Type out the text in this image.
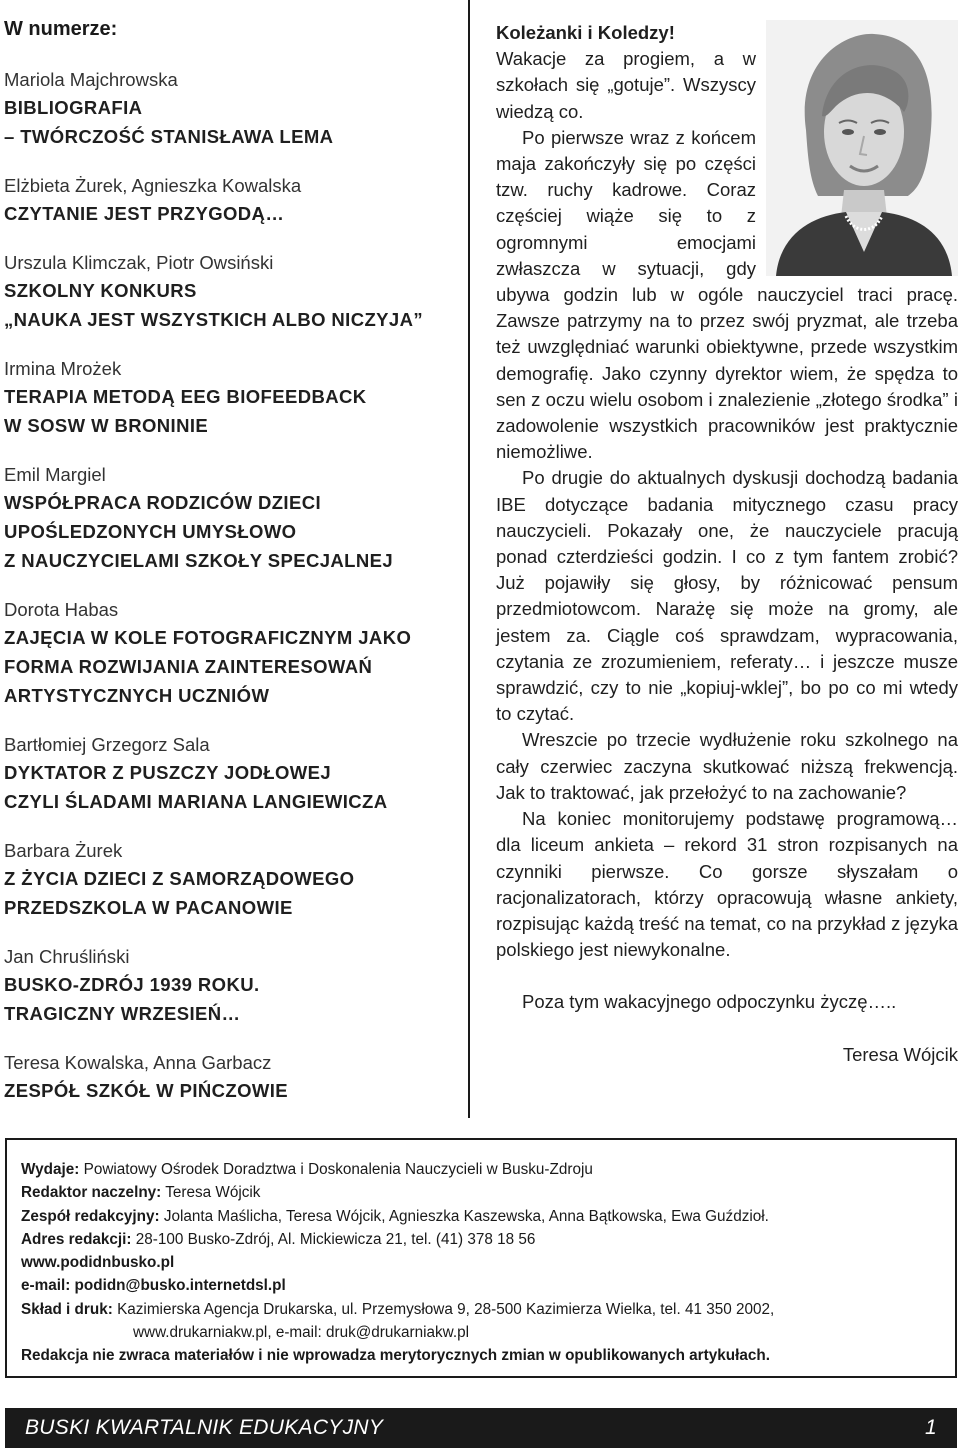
W numerze:
Mariola Majchrowska
BIBLIOGRAFIA
– TWÓRCZOŚĆ STANISŁAWA LEMA
Elżbieta Żurek, Agnieszka Kowalska
CZYTANIE JEST PRZYGODĄ…
Urszula Klimczak, Piotr Owsiński
SZKOLNY KONKURS
„NAUKA JEST WSZYSTKICH ALBO NICZYJA”
Irmina Mrożek
TERAPIA METODĄ EEG BIOFEEDBACK
W SOSW W BRONINIE
Emil Margiel
WSPÓŁPRACA RODZICÓW DZIECI
UPOŚLEDZONYCH UMYSŁOWO
Z NAUCZYCIELAMI SZKOŁY SPECJALNEJ
Dorota Habas
ZAJĘCIA W KOLE FOTOGRAFICZNYM JAKO
FORMA ROZWIJANIA ZAINTERESOWAŃ
ARTYSTYCZNYCH UCZNIÓW
Bartłomiej Grzegorz Sala
DYKTATOR Z PUSZCZY JODŁOWEJ
CZYLI ŚLADAMI MARIANA LANGIEWICZA
Barbara Żurek
Z ŻYCIA DZIECI Z SAMORZĄDOWEGO
PRZEDSZKOLA W PACANOWIE
Jan Chruśliński
BUSKO-ZDRÓJ 1939 ROKU.
TRAGICZNY WRZESIEŃ…
Teresa Kowalska, Anna Garbacz
ZESPÓŁ SZKÓŁ W PIŃCZOWIE
Koleżanki i Koledzy!

Wakacje za progiem, a w szkołach się „gotuje”. Wszyscy wiedzą co.

Po pierwsze wraz z końcem maja zakończyły się po części tzw. ruchy kadrowe. Coraz częściej wiąże się to z ogromnymi emocjami zwłaszcza w sytuacji, gdy ubywa godzin lub w ogóle nauczyciel traci pracę. Zawsze patrzymy na to przez swój pryzmat, ale trzeba też uwzględniać warunki obiektywne, przede wszystkim demografię. Jako czynny dyrektor wiem, że spędza to sen z oczu wielu osobom i znalezienie „złotego środka” i zadowolenie wszystkich pracowników jest praktycznie niemożliwe.

Po drugie do aktualnych dyskusji dochodzą badania IBE dotyczące badania mitycznego czasu pracy nauczycieli. Pokazały one, że nauczyciele pracują ponad czterdzieści godzin. I co z tym fantem zrobić? Już pojawiły się głosy, by różnicować pensum przedmiotowcom. Narażę się może na gromy, ale jestem za. Ciągle coś sprawdzam, wypracowania, czytania ze zrozumieniem, referaty… i jeszcze musze sprawdzić, czy to nie „kopiuj-wklej”, bo po co mi wtedy to czytać.

Wreszcie po trzecie wydłużenie roku szkolnego na cały czerwiec zaczyna skutkować niższą frekwencją. Jak to traktować, jak przełożyć to na zachowanie?

Na koniec monitorujemy podstawę programową… dla liceum ankieta – rekord 31 stron rozpisanych na czynniki pierwsze. Co gorsze słyszałam o racjonalizatorach, którzy opracowują własne ankiety, rozpisując każdą treść na temat, co na przykład z języka polskiego jest niewykonalne.

Poza tym wakacyjnego odpoczynku życzę…..
Teresa Wójcik
Wydaje: Powiatowy Ośrodek Doradztwa i Doskonalenia Nauczycieli w Busku-Zdroju
Redaktor naczelny: Teresa Wójcik
Zespół redakcyjny: Jolanta Maślicha, Teresa Wójcik, Agnieszka Kaszewska, Anna Bątkowska, Ewa Guździoł.
Adres redakcji: 28-100 Busko-Zdrój, Al. Mickiewicza 21, tel. (41) 378 18 56
www.podidnbusko.pl
e-mail: podidn@busko.internetdsl.pl
Skład i druk: Kazimierska Agencja Drukarska, ul. Przemysłowa 9, 28-500 Kazimierza Wielka, tel. 41 350 2002,
www.drukarniakw.pl, e-mail: druk@drukarniakw.pl
Redakcja nie zwraca materiałów i nie wprowadza merytorycznych zmian w opublikowanych artykułach.
BUSKI KWARTALNIK EDUKACYJNY	1
